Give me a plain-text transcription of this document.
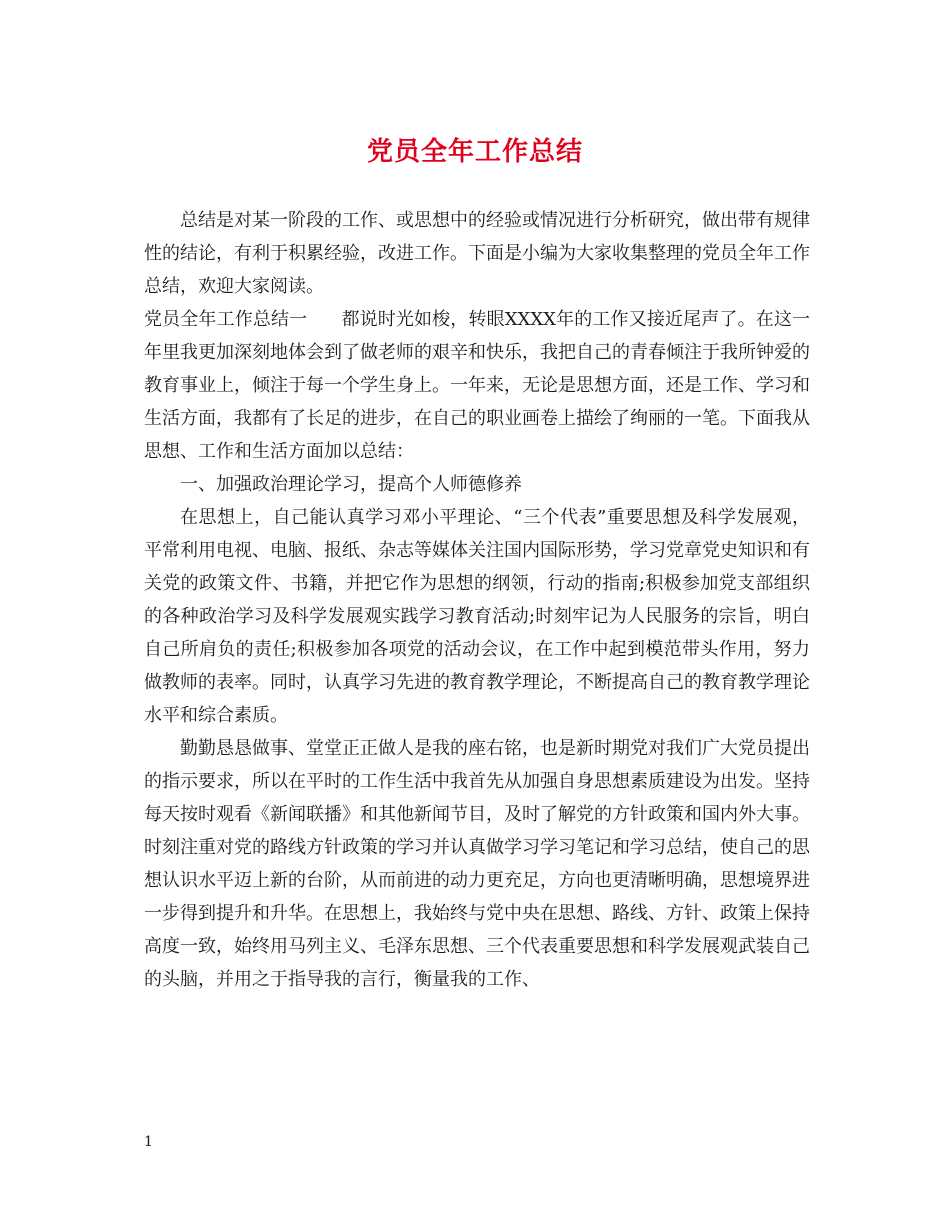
党员全年工作总结

总结是对某一阶段的工作、或思想中的经验或情况进行分析研究，做出带有规律性的结论，有利于积累经验，改进工作。下面是小编为大家收集整理的党员全年工作总结，欢迎大家阅读。

党员全年工作总结一 都说时光如梭，转眼XXXX年的工作又接近尾声了。在这一年里我更加深刻地体会到了做老师的艰辛和快乐，我把自己的青春倾注于我所钟爱的教育事业上，倾注于每一个学生身上。一年来，无论是思想方面，还是工作、学习和生活方面，我都有了长足的进步，在自己的职业画卷上描绘了绚丽的一笔。下面我从思想、工作和生活方面加以总结：

一、加强政治理论学习，提高个人师德修养

在思想上，自己能认真学习邓小平理论、“三个代表”重要思想及科学发展观，平常利用电视、电脑、报纸、杂志等媒体关注国内国际形势，学习党章党史知识和有关党的政策文件、书籍，并把它作为思想的纲领，行动的指南;积极参加党支部组织的各种政治学习及科学发展观实践学习教育活动;时刻牢记为人民服务的宗旨，明白自己所肩负的责任;积极参加各项党的活动会议，在工作中起到模范带头作用，努力做教师的表率。同时，认真学习先进的教育教学理论，不断提高自己的教育教学理论水平和综合素质。

勤勤恳恳做事、堂堂正正做人是我的座右铭，也是新时期党对我们广大党员提出的指示要求，所以在平时的工作生活中我首先从加强自身思想素质建设为出发。坚持每天按时观看《新闻联播》和其他新闻节目，及时了解党的方针政策和国内外大事。时刻注重对党的路线方针政策的学习并认真做学习学习笔记和学习总结，使自己的思想认识水平迈上新的台阶，从而前进的动力更充足，方向也更清晰明确，思想境界进一步得到提升和升华。在思想上，我始终与党中央在思想、路线、方针、政策上保持高度一致，始终用马列主义、毛泽东思想、三个代表重要思想和科学发展观武装自己的头脑，并用之于指导我的言行，衡量我的工作、

1
